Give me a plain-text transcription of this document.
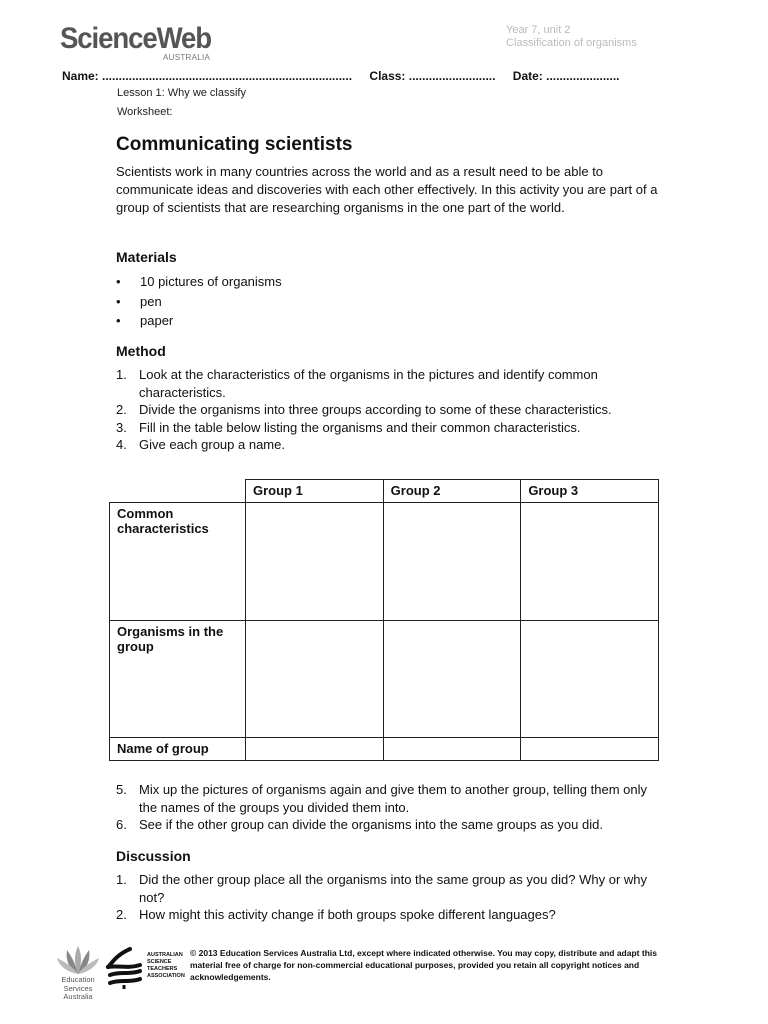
ScienceWeb
AUSTRALIA
Year 7, unit 2
Classification of organisms
Name: ........................................................................... Class: .......................... Date: ......................
Lesson 1: Why we classify
Worksheet:
Communicating scientists

Scientists work in many countries across the world and as a result need to be able to communicate ideas and discoveries with each other effectively. In this activity you are part of a group of scientists that are researching organisms in the one part of the world.

Materials
• 10 pictures of organisms
• pen
• paper
Method
1. Look at the characteristics of the organisms in the pictures and identify common characteristics.
2. Divide the organisms into three groups according to some of these characteristics.
3. Fill in the table below listing the organisms and their common characteristics.
4. Give each group a name.
	Group 1	Group 2	Group 3
Common characteristics			
Organisms in the group			
Name of group			
5. Mix up the pictures of organisms again and give them to another group, telling them only the names of the groups you divided them into.
6. See if the other group can divide the organisms into the same groups as you did.
Discussion
1. Did the other group place all the organisms into the same group as you did? Why or why not?
2. How might this activity change if both groups spoke different languages?
Education
Services
Australia
AUSTRALIAN
SCIENCE
TEACHERS
ASSOCIATION
© 2013 Education Services Australia Ltd, except where indicated otherwise. You may copy, distribute and adapt this material free of charge for non-commercial educational purposes, provided you retain all copyright notices and acknowledgements.
